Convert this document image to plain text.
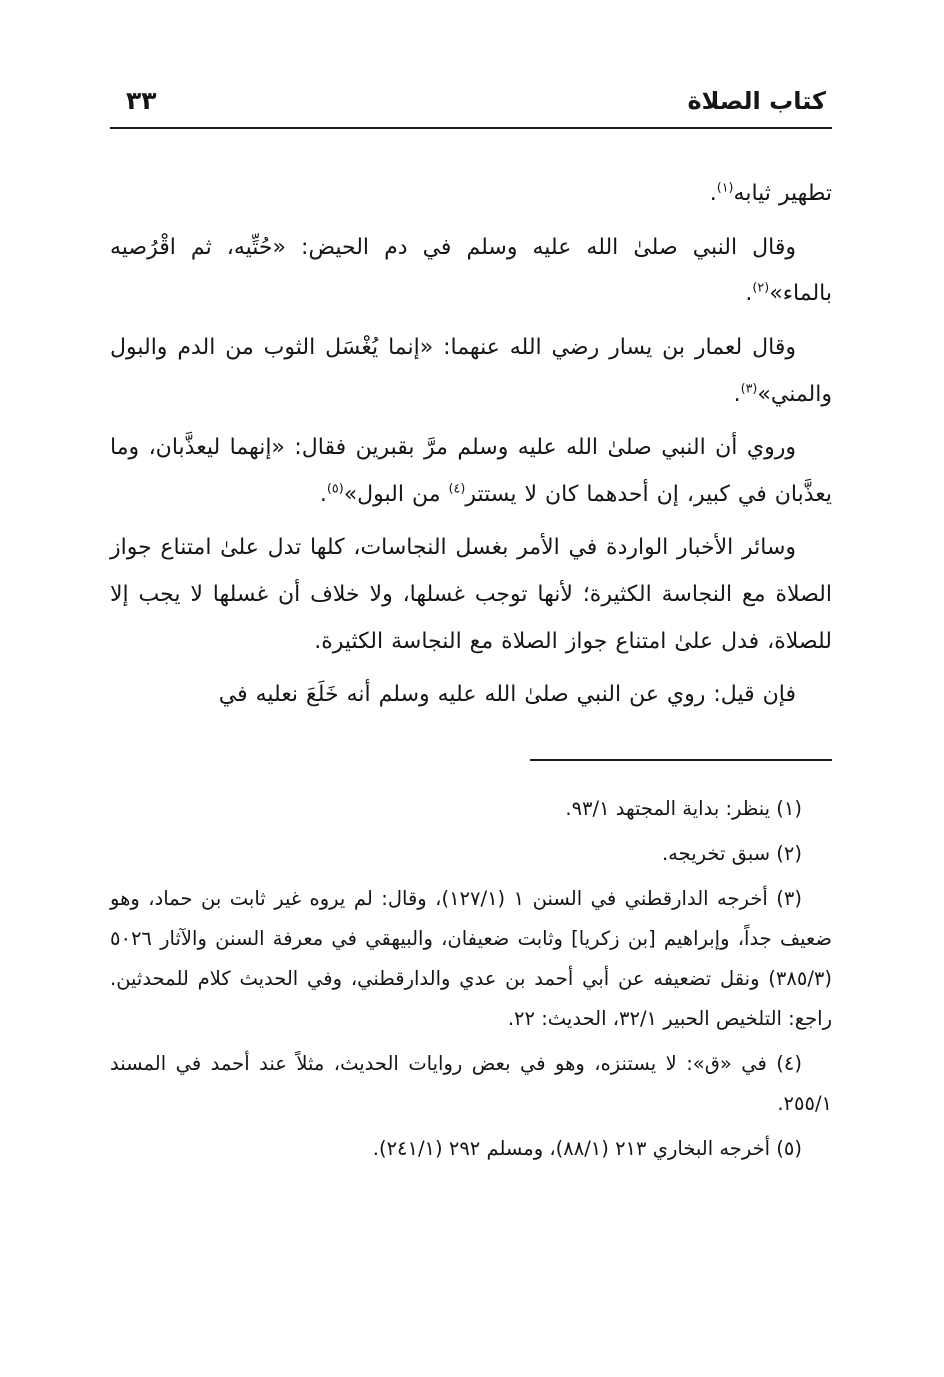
كتاب الصلاة
٣٣

تطهير ثيابه$^{(١)}$.

وقال النبي صلىٰ الله عليه وسلم في دم الحيض: «حُتِّيه، ثم اقْرُصيه بالماء»$^{(٢)}$.

وقال لعمار بن يسار رضي الله عنهما: «إنما يُغْسَل الثوب من الدم والبول والمني»$^{(٣)}$.

وروي أن النبي صلىٰ الله عليه وسلم مرَّ بقبرين فقال: «إنهما ليعذَّبان، وما يعذَّبان في كبير، إن أحدهما كان لا يستتر$^{(٤)}$ من البول»$^{(٥)}$.

وسائر الأخبار الواردة في الأمر بغسل النجاسات، كلها تدل علىٰ امتناع جواز الصلاة مع النجاسة الكثيرة؛ لأنها توجب غسلها، ولا خلاف أن غسلها لا يجب إلا للصلاة، فدل علىٰ امتناع جواز الصلاة مع النجاسة الكثيرة.

فإن قيل: روي عن النبي صلىٰ الله عليه وسلم أنه خَلَعَ نعليه في

(١) ينظر: بداية المجتهد ٩٣/١.

(٢) سبق تخريجه.

(٣) أخرجه الدارقطني في السنن ١ (١٢٧/١)، وقال: لم يروه غير ثابت بن حماد، وهو ضعيف جداً، وإبراهيم [بن زكريا] وثابت ضعيفان، والبيهقي في معرفة السنن والآثار ٥٠٢٦ (٣٨٥/٣) ونقل تضعيفه عن أبي أحمد بن عدي والدارقطني، وفي الحديث كلام للمحدثين. راجع: التلخيص الحبير ٣٢/١، الحديث: ٢٢.

(٤) في «ق»: لا يستنزه، وهو في بعض روايات الحديث، مثلاً عند أحمد في المسند ٢٥٥/١.

(٥) أخرجه البخاري ٢١٣ (٨٨/١)، ومسلم ٢٩٢ (٢٤١/١).
